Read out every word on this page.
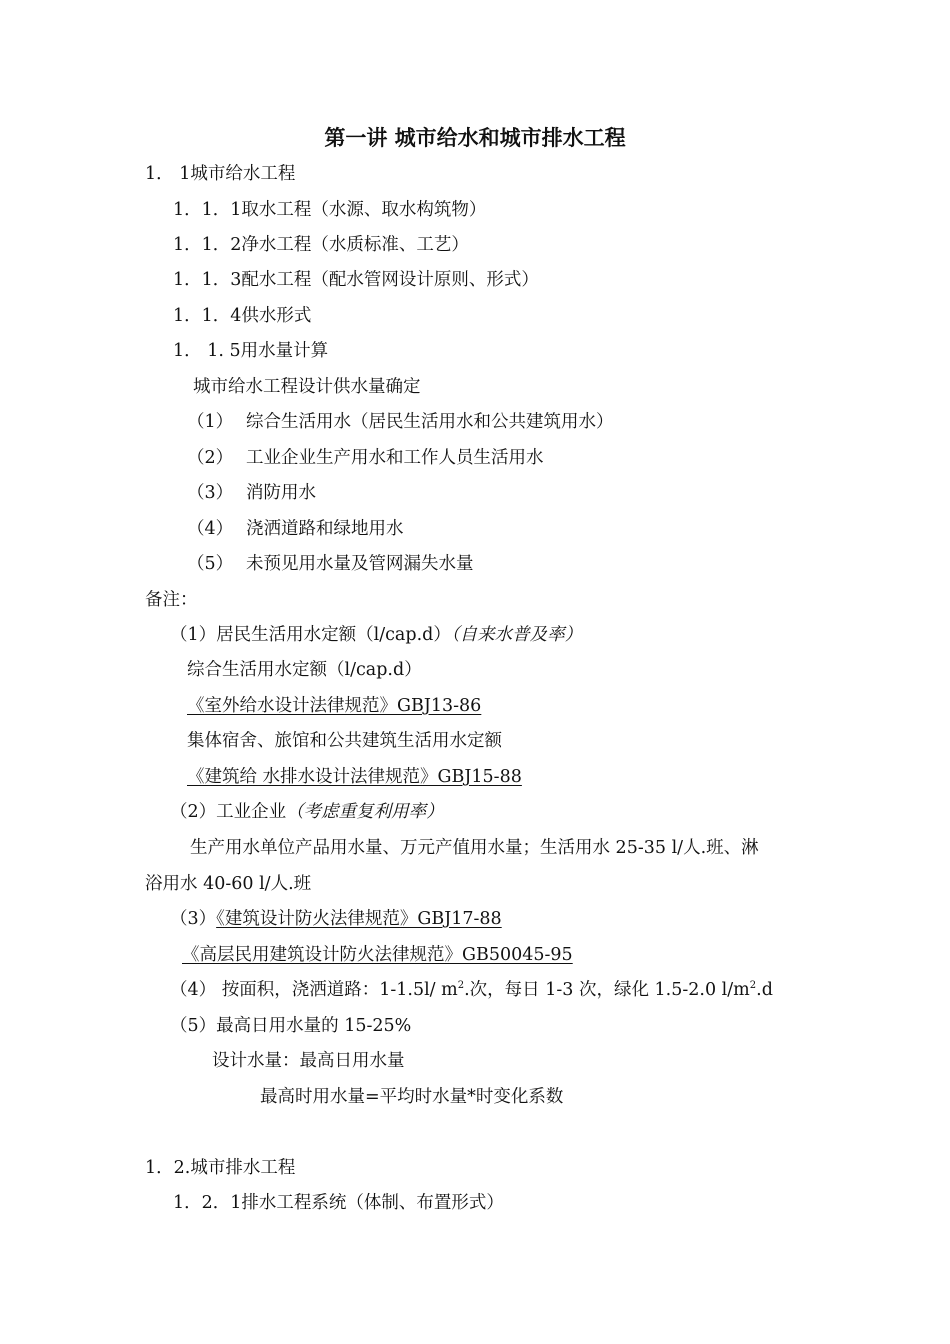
第一讲 城市给水和城市排水工程
1． 1城市给水工程
1．1．1取水工程（水源、取水构筑物）
1．1．2净水工程（水质标准、工艺）
1．1．3配水工程（配水管网设计原则、形式）
1．1．4供水形式
1． 1. 5用水量计算
城市给水工程设计供水量确定
（1） 综合生活用水（居民生活用水和公共建筑用水）
（2） 工业企业生产用水和工作人员生活用水
（3） 消防用水
（4） 浇洒道路和绿地用水
（5） 未预见用水量及管网漏失水量
备注：
（1）居民生活用水定额（l/cap.d）（自来水普及率）
综合生活用水定额（l/cap.d）
《室外给水设计法律规范》GBJ13-86
集体宿舍、旅馆和公共建筑生活用水定额
《建筑给 水排水设计法律规范》GBJ15-88
（2）工业企业（考虑重复利用率）
生产用水单位产品用水量、万元产值用水量；生活用水 25-35 l/人.班、淋
浴用水 40-60 l/人.班
（3）《建筑设计防火法律规范》GBJ17-88
《高层民用建筑设计防火法律规范》GB50045-95
（4） 按面积，浇洒道路：1-1.5l/ $m^2$.次，每日 1-3 次，绿化 1.5-2.0 $l/m^2.d$
（5）最高日用水量的 15-25%
设计水量：最高日用水量
最高时用水量=平均时水量*时变化系数
1．2.城市排水工程
1．2．1排水工程系统（体制、布置形式）
